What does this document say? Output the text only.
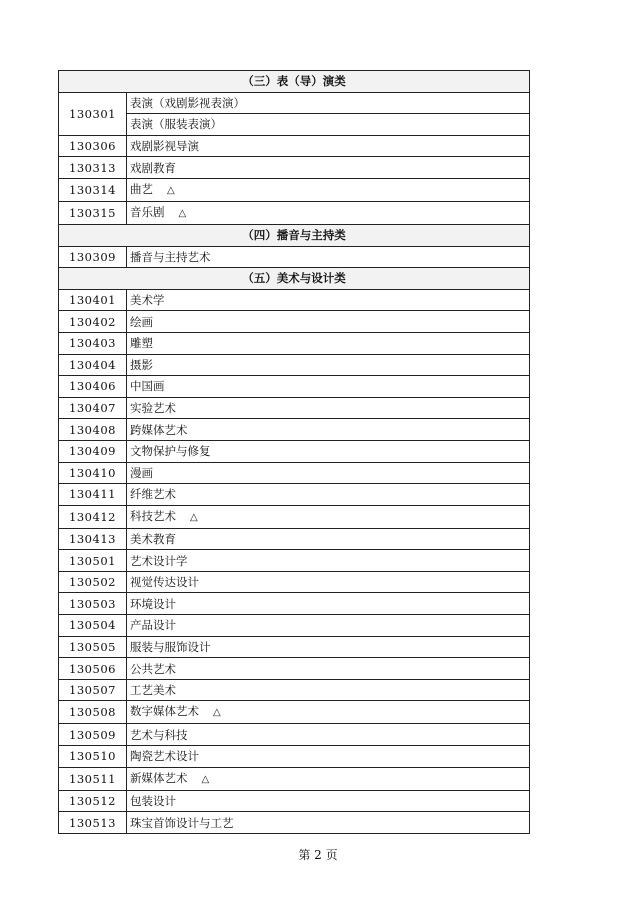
（三）表（导）演类	
130301	表演（戏剧影视表演）
	表演（服装表演）
130306	戏剧影视导演
130313	戏剧教育
130314	曲艺 △
130315	音乐剧 △
（四）播音与主持类	
130309	播音与主持艺术
（五）美术与设计类	
130401	美术学
130402	绘画
130403	雕塑
130404	摄影
130406	中国画
130407	实验艺术
130408	跨媒体艺术
130409	文物保护与修复
130410	漫画
130411	纤维艺术
130412	科技艺术 △
130413	美术教育
130501	艺术设计学
130502	视觉传达设计
130503	环境设计
130504	产品设计
130505	服装与服饰设计
130506	公共艺术
130507	工艺美术
130508	数字媒体艺术 △
130509	艺术与科技
130510	陶瓷艺术设计
130511	新媒体艺术 △
130512	包装设计
130513	珠宝首饰设计与工艺
第 2 页
